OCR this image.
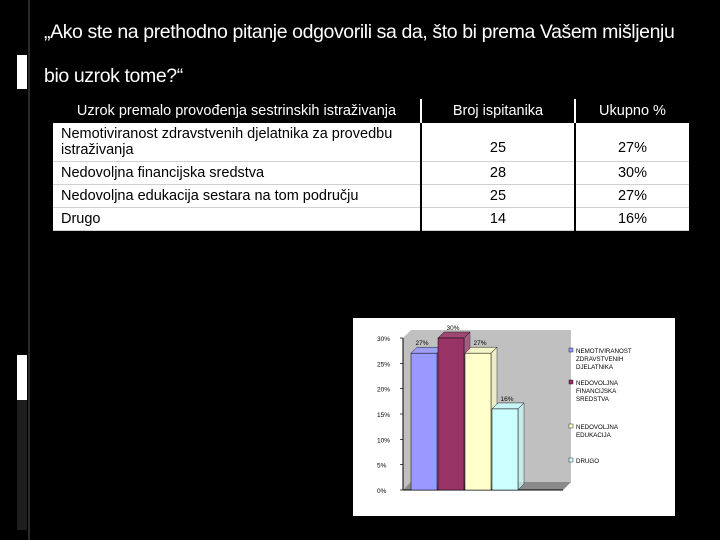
„Ako ste na prethodno pitanje odgovorili sa da, što bi prema Vašem mišljenju bio uzrok tome?“
Uzrok premalo provođenja sestrinskih istraživanja	Broj ispitanika	Ukupno %
Nemotiviranost zdravstvenih djelatnika za provedbu istraživanja	25	27%
Nedovoljna financijska sredstva	28	30%
Nedovoljna edukacija sestara na tom području	25	27%
Drugo	14	16%
30%
25%
20%
15%
10%
5%
0%
27%
30%
27%
16%
NEMOTIVIRANOST
ZDRAVSTVENIH
DJELATNIKA
NEDOVOLJNA
FINANCIJSKA
SREDSTVA
NEDOVOLJNA
EDUKACIJA
DRUGO
